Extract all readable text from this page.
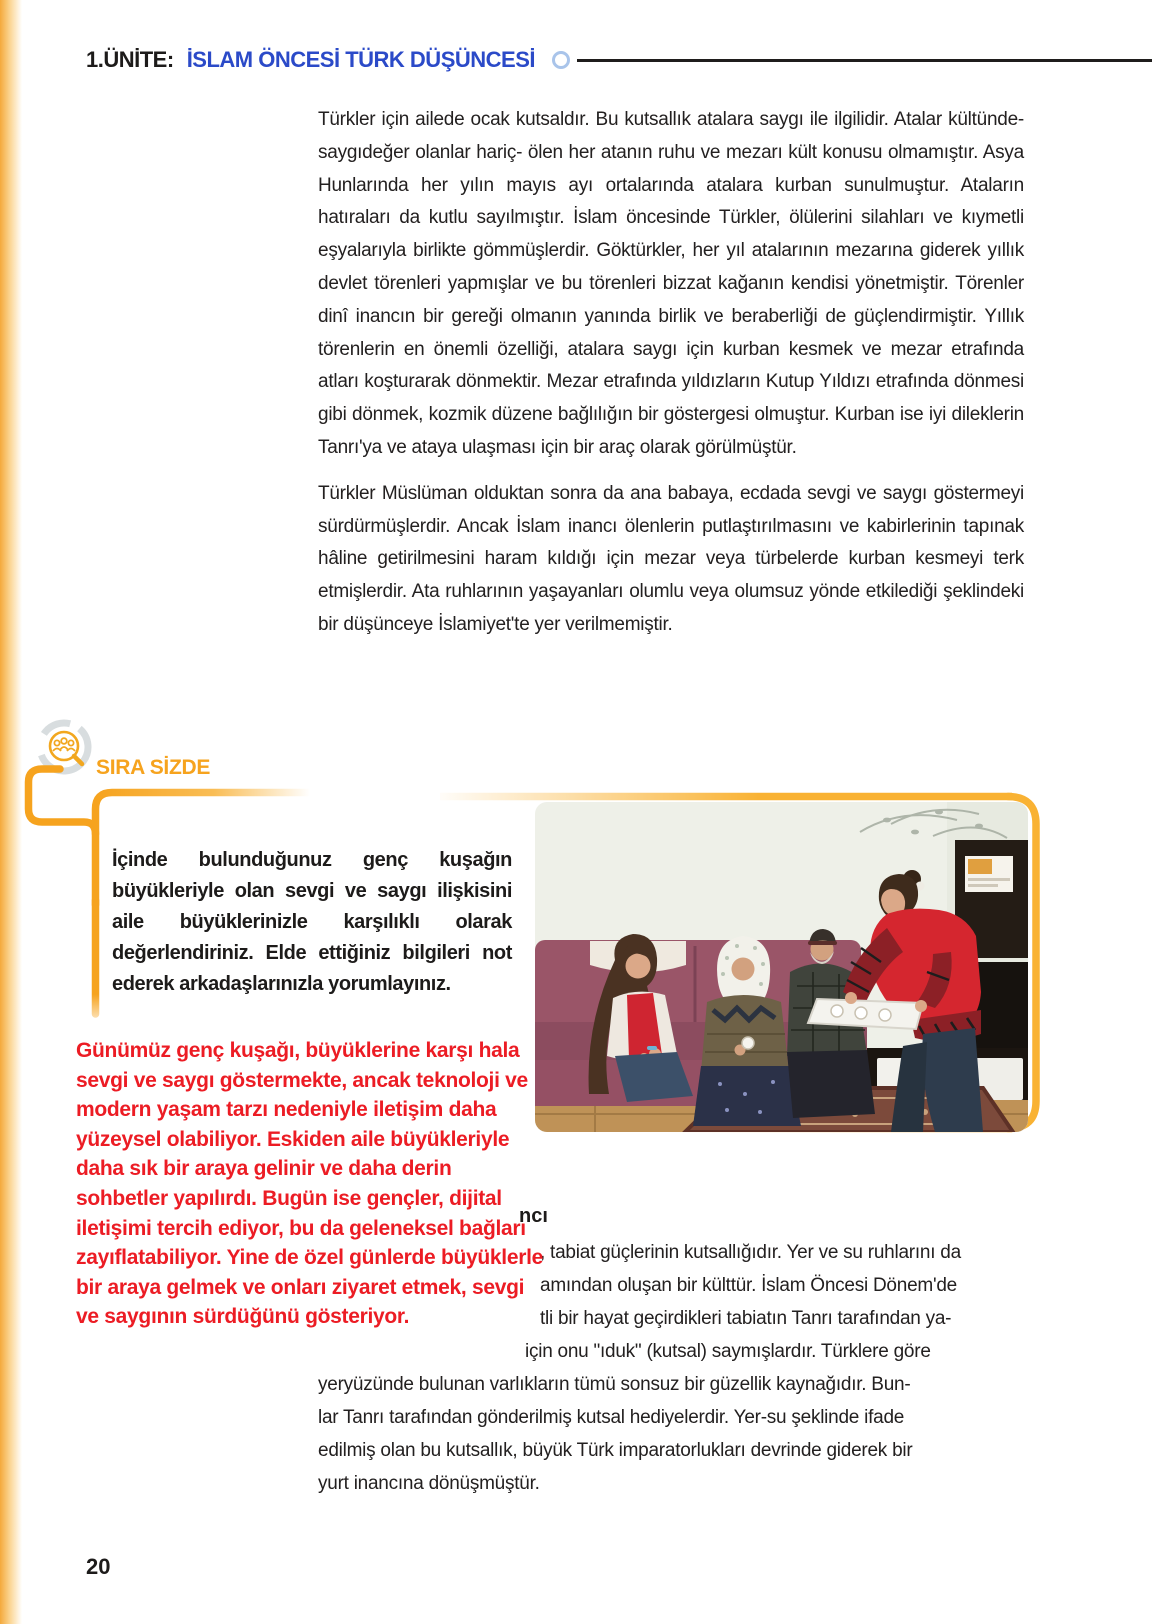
1.ÜNİTE: İSLAM ÖNCESİ TÜRK DÜŞÜNCESİ

Türkler için ailede ocak kutsaldır. Bu kutsallık atalara saygı ile ilgilidir. Atalar kültünde-saygıdeğer olanlar hariç- ölen her atanın ruhu ve mezarı kült konusu olmamıştır. Asya Hunlarında her yılın mayıs ayı ortalarında atalara kurban sunulmuştur. Ataların hatıraları da kutlu sayılmıştır. İslam öncesinde Türkler, ölülerini silahları ve kıymetli eşyalarıyla birlikte gömmüşlerdir. Göktürkler, her yıl atalarının mezarına giderek yıllık devlet törenleri yapmışlar ve bu törenleri bizzat kağanın kendisi yönetmiştir. Törenler dinî inancın bir gereği olmanın yanında birlik ve beraberliği de güçlendirmiştir. Yıllık törenlerin en önemli özelliği, atalara saygı için kurban kesmek ve mezar etrafında atları koşturarak dönmektir. Mezar etrafında yıldızların Kutup Yıldızı etrafında dönmesi gibi dönmek, kozmik düzene bağlılığın bir göstergesi olmuştur. Kurban ise iyi dileklerin Tanrı'ya ve ataya ulaşması için bir araç olarak görülmüştür.

Türkler Müslüman olduktan sonra da ana babaya, ecdada sevgi ve saygı göstermeyi sürdürmüşlerdir. Ancak İslam inancı ölenlerin putlaştırılmasını ve kabirlerinin tapınak hâline getirilmesini haram kıldığı için mezar veya türbelerde kurban kesmeyi terk etmişlerdir. Ata ruhlarının yaşayanları olumlu veya olumsuz yönde etkilediği şeklindeki bir düşünceye İslamiyet'te yer verilmemiştir.

SIRA SİZDE
İçinde bulunduğunuz genç kuşağın büyükleriyle olan sevgi ve saygı ilişkisini aile büyüklerinizle karşılıklı olarak değerlendiriniz. Elde ettiğiniz bilgileri not ederek arkadaşlarınızla yorumlayınız.
Günümüz genç kuşağı, büyüklerine karşı hala sevgi ve saygı göstermekte, ancak teknoloji ve modern yaşam tarzı nedeniyle iletişim daha yüzeysel olabiliyor. Eskiden aile büyükleriyle daha sık bir araya gelinir ve daha derin sohbetler yapılırdı. Bugün ise gençler, dijital iletişimi tercih ediyor, bu da geleneksel bağları zayıflatabiliyor. Yine de özel günlerde büyüklerle bir araya gelmek ve onları ziyaret etmek, sevgi ve saygının sürdüğünü gösteriyor.
ncı
, tabiat güçlerinin kutsallığıdır. Yer ve su ruhlarını da
amından oluşan bir külttür. İslam Öncesi Dönem'de
tli bir hayat geçirdikleri tabiatın Tanrı tarafından ya-
için onu "ıduk" (kutsal) saymışlardır. Türklere göre
yeryüzünde bulunan varlıkların tümü sonsuz bir güzellik kaynağıdır. Bun-
lar Tanrı tarafından gönderilmiş kutsal hediyelerdir. Yer-su şeklinde ifade
edilmiş olan bu kutsallık, büyük Türk imparatorlukları devrinde giderek bir
yurt inancına dönüşmüştür.
20
